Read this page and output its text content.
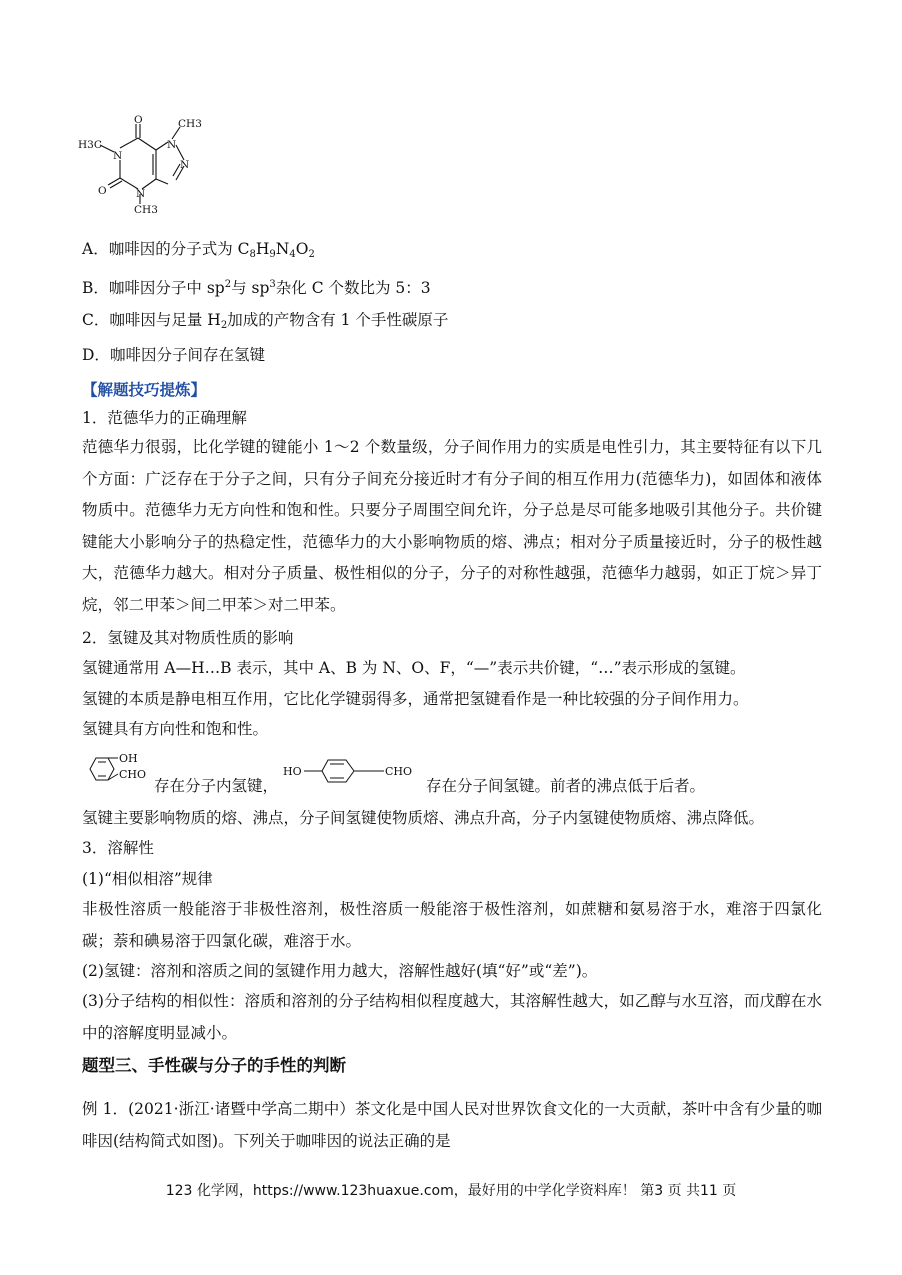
O	CH3
H3C
N
N
N
N
O
CH3
A．咖啡因的分子式为 $C_8H_9N_4O_2$
B．咖啡因分子中 $sp^2$与 $sp^3$杂化 C 个数比为 5：3
C．咖啡因与足量 $H_2$加成的产物含有 1 个手性碳原子
D．咖啡因分子间存在氢键
【解题技巧提炼】
1．范德华力的正确理解
范德华力很弱，比化学键的键能小 1～2 个数量级，分子间作用力的实质是电性引力，其主要特征有以下几个方面：广泛存在于分子之间，只有分子间充分接近时才有分子间的相互作用力(范德华力)，如固体和液体物质中。范德华力无方向性和饱和性。只要分子周围空间允许，分子总是尽可能多地吸引其他分子。共价键键能大小影响分子的热稳定性，范德华力的大小影响物质的熔、沸点；相对分子质量接近时，分子的极性越大，范德华力越大。相对分子质量、极性相似的分子，分子的对称性越强，范德华力越弱，如正丁烷＞异丁烷，邻二甲苯＞间二甲苯＞对二甲苯。
2．氢键及其对物质性质的影响
氢键通常用 A—H…B 表示，其中 A、B 为 N、O、F，“—”表示共价键，“…”表示形成的氢键。
氢键的本质是静电相互作用，它比化学键弱得多，通常把氢键看作是一种比较强的分子间作用力。
氢键具有方向性和饱和性。
OH
CHO
存在分子内氢键，
HO	CHO
存在分子间氢键。前者的沸点低于后者。
氢键主要影响物质的熔、沸点，分子间氢键使物质熔、沸点升高，分子内氢键使物质熔、沸点降低。
3．溶解性
(1)“相似相溶”规律
非极性溶质一般能溶于非极性溶剂，极性溶质一般能溶于极性溶剂，如蔗糖和氨易溶于水，难溶于四氯化碳；萘和碘易溶于四氯化碳，难溶于水。
(2)氢键：溶剂和溶质之间的氢键作用力越大，溶解性越好(填“好”或“差”)。
(3)分子结构的相似性：溶质和溶剂的分子结构相似程度越大，其溶解性越大，如乙醇与水互溶，而戊醇在水中的溶解度明显减小。
题型三、手性碳与分子的手性的判断
例 1．(2021·浙江·诸暨中学高二期中）茶文化是中国人民对世界饮食文化的一大贡献，茶叶中含有少量的咖啡因(结构简式如图)。下列关于咖啡因的说法正确的是
123 化学网，https://www.123huaxue.com，最好用的中学化学资料库！ 第3 页 共11 页
